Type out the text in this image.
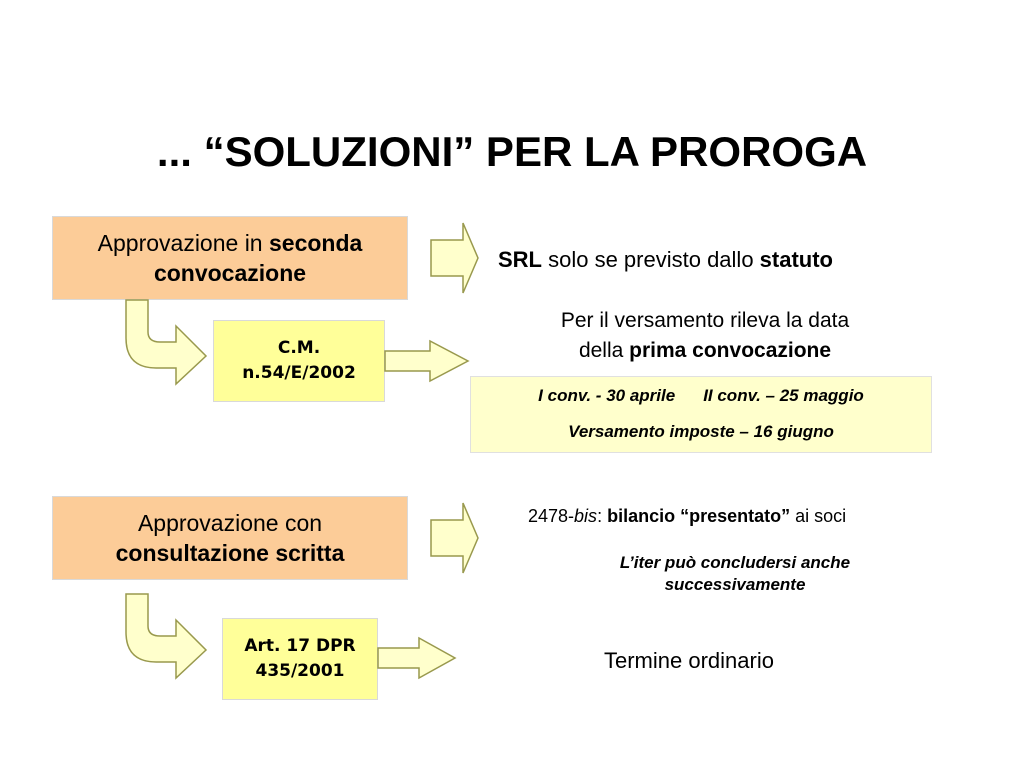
... “SOLUZIONI” PER LA PROROGA
Approvazione in seconda
convocazione
SRL solo se previsto dallo statuto
C.M.
n.54/E/2002
Per il versamento rileva la data
della prima convocazione
I conv. - 30 aprile II conv. – 25 maggio
Versamento imposte – 16 giugno
Approvazione con
consultazione scritta
2478-bis: bilancio “presentato” ai soci
L’iter può concludersi anche
successivamente
Art. 17 DPR
435/2001	Termine ordinario
